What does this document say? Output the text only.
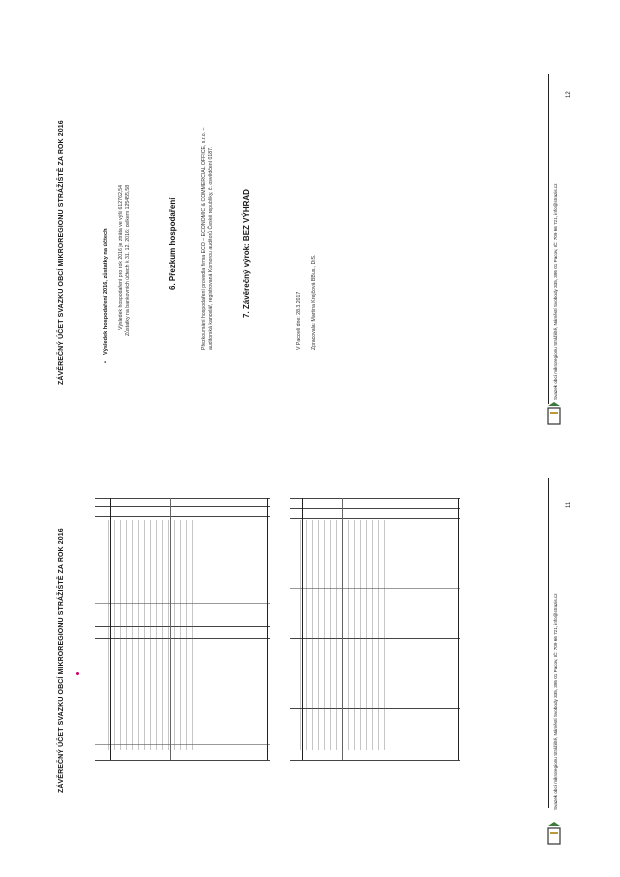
ZÁVĚREČNÝ ÚČET SVAZKU OBCÍ MIKROREGIONU STRÁŽIŠTĚ ZA ROK 2016	Svazek obcí mikroregionu Strážiště, Náměstí Svobody 335, 395 01 Pacov, IČ: 709 66 721, info@strazis.cz
11
ZÁVĚREČNÝ ÚČET SVAZKU OBCÍ MIKROREGIONU STRÁŽIŠTĚ ZA ROK 2016	•
Výsledek hospodaření 2016, zůstatky na účtech Výsledek hospodaření pro rok 2016 je ztráta ve výši 612762,54 Zůstatky na bankovních účtech k 31. 12. 2016: celkem 125455,58	6. Přezkum hospodaření	Přezkoumání hospodaření provedla firma ECO – ECONOMIC & COMMERCIAL OFFICE, s.r.o. – auditorská kancelář, registrovaná Komorou auditorů České republiky, č. osvědčení 0187.	7. Závěrečný výrok: BEZ VÝHRAD
V Pacově dne: 28.3.2017 Zpracovala: Martina Krejčová BBus., DiS.	Svazek obcí mikroregionu Strážiště, Náměstí Svobody 335, 395 01 Pacov, IČ: 709 66 721, info@strazis.cz
12
